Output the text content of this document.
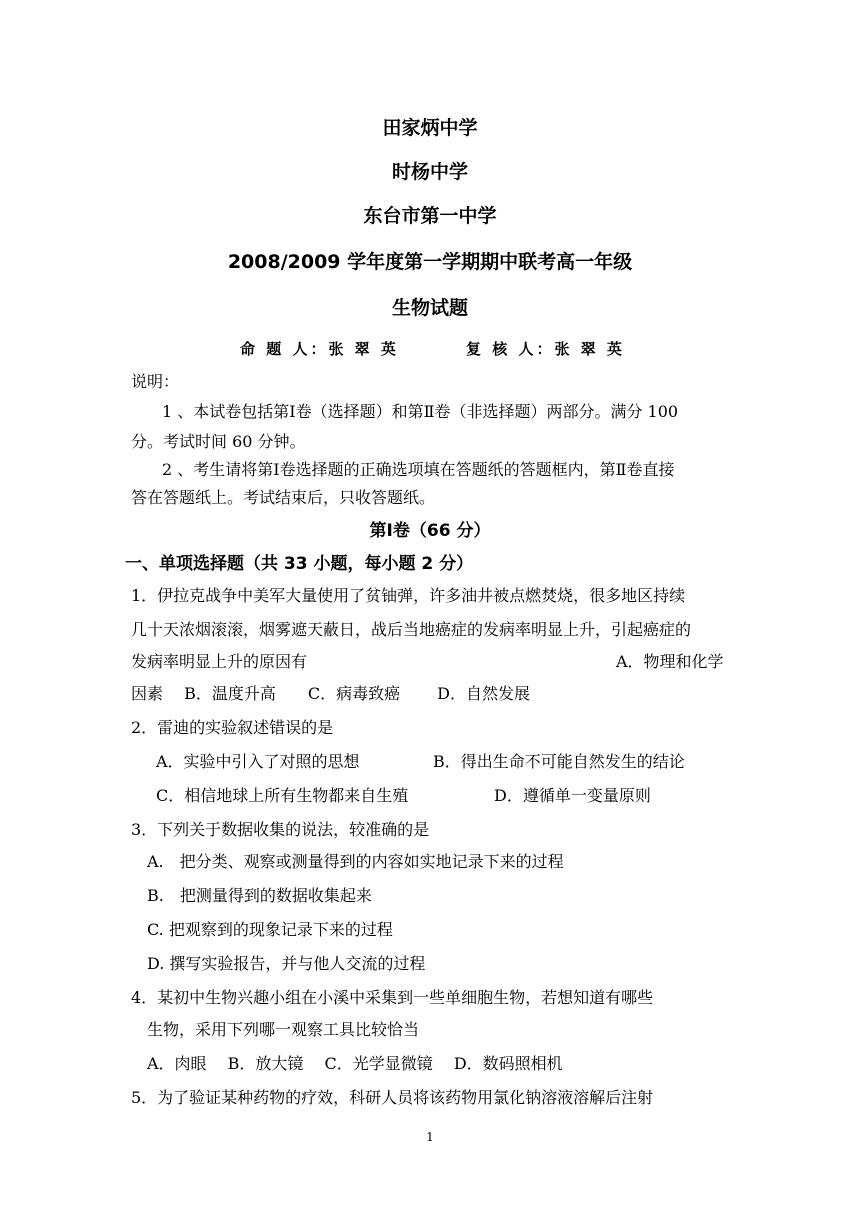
田家炳中学
时杨中学
东台市第一中学
2008/2009 学年度第一学期期中联考高一年级
生物试题
命 题 人：张 翠 英	复 核 人：张 翠 英
说明：
1 、本试卷包括第Ⅰ卷（选择题）和第Ⅱ卷（非选择题）两部分。满分 100
分。考试时间 60 分钟。
2 、考生请将第Ⅰ卷选择题的正确选项填在答题纸的答题框内，第Ⅱ卷直接
答在答题纸上。考试结束后，只收答题纸。
第Ⅰ卷（66 分）
一、单项选择题（共 33 小题，每小题 2 分）
1．伊拉克战争中美军大量使用了贫铀弹，许多油井被点燃焚烧，很多地区持续
几十天浓烟滚滚，烟雾遮天蔽日，战后当地癌症的发病率明显上升，引起癌症的
发病率明显上升的原因有	A．物理和化学
因素　 B．温度升高　　C．病毒致癌　　 D．自然发展
2．雷迪的实验叙述错误的是
A．实验中引入了对照的思想	B．得出生命不可能自然发生的结论
C．相信地球上所有生物都来自生殖	D．遵循单一变量原则
3．下列关于数据收集的说法，较准确的是
A.　把分类、观察或测量得到的内容如实地记录下来的过程
B.　把测量得到的数据收集起来
C. 把观察到的现象记录下来的过程
D. 撰写实验报告，并与他人交流的过程
4．某初中生物兴趣小组在小溪中采集到一些单细胞生物，若想知道有哪些
生物，采用下列哪一观察工具比较恰当
A．肉眼　 B．放大镜　 C．光学显微镜　 D．数码照相机
5．为了验证某种药物的疗效，科研人员将该药物用氯化钠溶液溶解后注射
1
